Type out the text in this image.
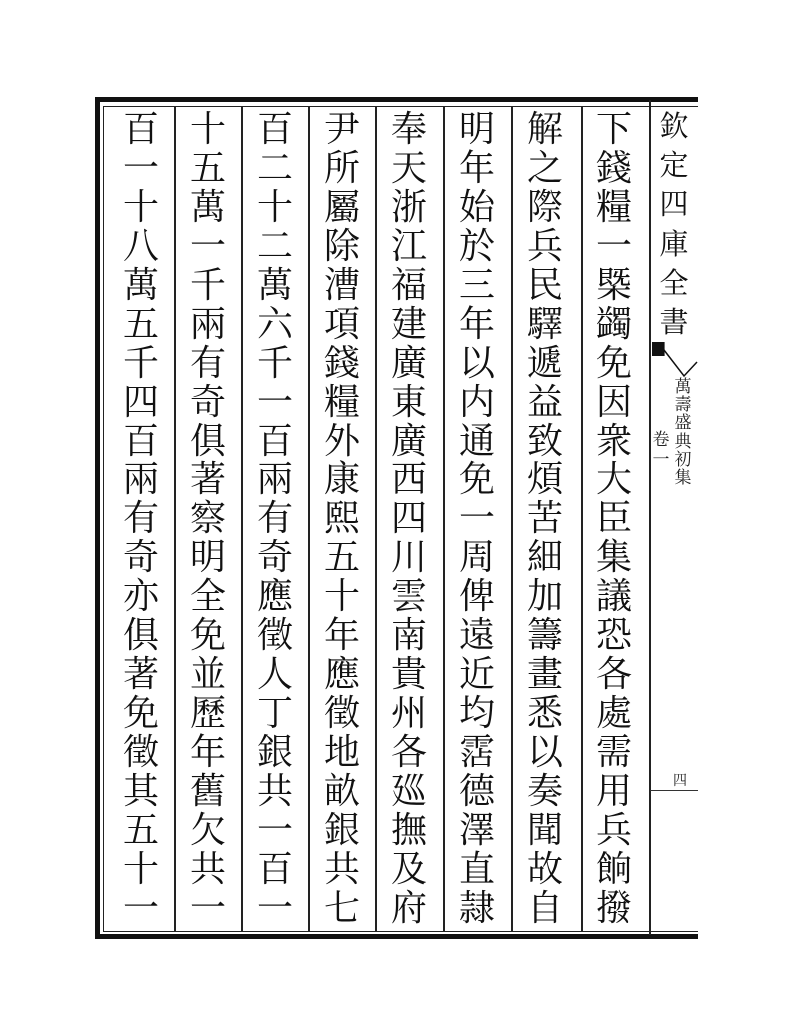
下
錢
糧
一
槩
蠲
免
因
衆
大
臣
集
議
恐
各
處
需
用
兵
餉
撥
解
之
際
兵
民
驛
遞
益
致
煩
苦
細
加
籌
畫
悉
以
奏
聞
故
自
明
年
始
於
三
年
以
内
通
免
一
周
俾
遠
近
均
霑
德
澤
直
隷
奉
天
浙
江
福
建
廣
東
廣
西
四
川
雲
南
貴
州
各
廵
撫
及
府
尹
所
屬
除
漕
項
錢
糧
外
康
熙
五
十
年
應
徵
地
畝
銀
共
七
百
二
十
二
萬
六
千
一
百
兩
有
奇
應
徵
人
丁
銀
共
一
百
一
十
五
萬
一
千
兩
有
奇
俱
著
察
明
全
免
並
歷
年
舊
欠
共
一
百
一
十
八
萬
五
千
四
百
兩
有
奇
亦
俱
著
免
徵
其
五
十
一
欽
定
四
庫
全
書
萬
壽
盛
典
初
集
卷
一
四
